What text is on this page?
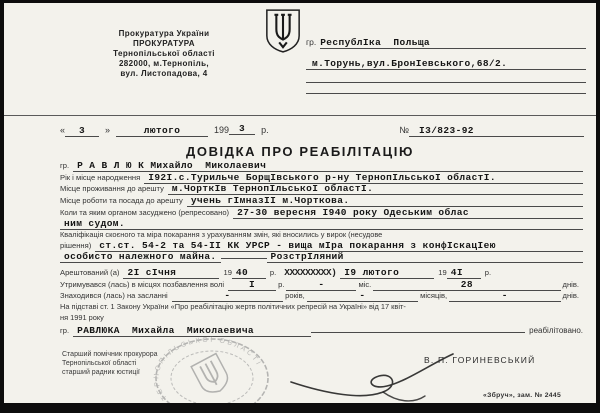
Прокуратура України
ПРОКУРАТУРА
Тернопільської області
282000, м.Тернопіль,
вул. Листопадова, 4
гр. РеспублІка  Польща
м.Торунь,вул.БронІевського,68/2.
«	3	»	лютого	199	3	р.	№	І3/823-92
ДОВІДКА ПРО РЕАБІЛІТАЦІЮ
гр. Р А В Л Ю К Михайло  Миколаевич
Рік і місце народження І92І.с.Турильче БорщІвського р-ну ТернопІльськоІ областІ.
Місце проживання до арешту м.ЧорткІв ТернопІльськоІ областІ.
Місце роботи та посада до арешту учень гІмназІІ м.Чорткова.
Коли та яким органом засуджено (репресовано) 27-30 вересня І940 року Одеським облас
ним судом.
Кваліфікація скоєного та міра покарання з урахуванням змін, які вносились у вирок (несудове
рішення) ст.ст. 54-2 та 54-ІІ КК УРСР - вища мІра покарання з конфІскацІею
особисто належного майна.	РозстрІляний
Арештований (а) 2І сІчня	19 40	р. ХХХХХХХХХ) І9 лютого	19 4І	р.
Утримувався (лась) в місцях позбавлення волі	І	р.	-	міс.	28	днів.
Знаходився (лась) на засланні	-	років,	-	місяців,	-	днів.
На підставі ст. 1 Закону України «Про реабілітацію жертв політичних репресій на Україні» від 17 квіт-
ня 1991 року
гр. РАВЛЮКА  Михайла  Миколаевича	реабілітовано.
Старший помічник прокурора
Тернопільської області
старший радник юстиції
ТЕРНОПІЛЬСЬКОЇ ОБЛАСТІ	В. П. ГОРИНЕВСЬКИЙ
«Збруч», зам. № 2445
